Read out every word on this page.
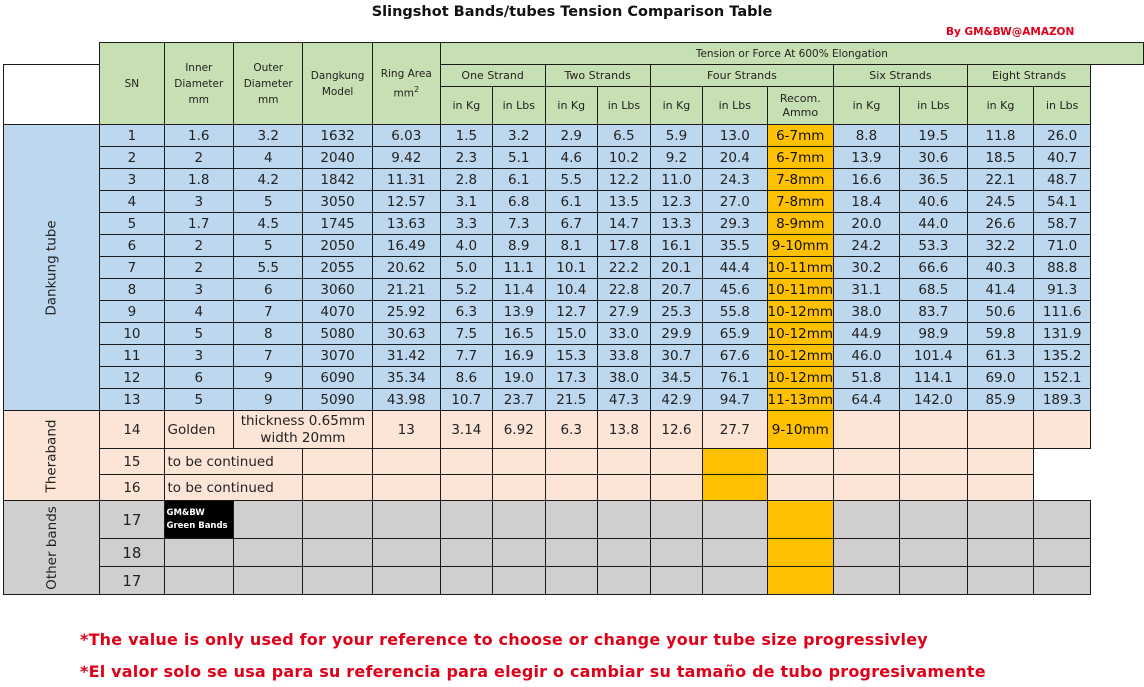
Slingshot Bands/tubes Tension Comparison Table
By GM&BW@AMAZON
	SN	Inner Diameter mm	Outer Diameter mm	Dangkung Model	Ring Area $mm^2$	Tension or Force At 600% Elongation										
						One Strand		Two Strands		Four Strands			Six Strands		Eight Strands	
						in Kg	in Lbs	in Kg	in Lbs	in Kg	in Lbs	Recom. Ammo	in Kg	in Lbs	in Kg	in Lbs
Dankung tube	1	1.6	3.2	1632	6.03	1.5	3.2	2.9	6.5	5.9	13.0	6-7mm	8.8	19.5	11.8	26.0
	2	2	4	2040	9.42	2.3	5.1	4.6	10.2	9.2	20.4	6-7mm	13.9	30.6	18.5	40.7
	3	1.8	4.2	1842	11.31	2.8	6.1	5.5	12.2	11.0	24.3	7-8mm	16.6	36.5	22.1	48.7
	4	3	5	3050	12.57	3.1	6.8	6.1	13.5	12.3	27.0	7-8mm	18.4	40.6	24.5	54.1
	5	1.7	4.5	1745	13.63	3.3	7.3	6.7	14.7	13.3	29.3	8-9mm	20.0	44.0	26.6	58.7
	6	2	5	2050	16.49	4.0	8.9	8.1	17.8	16.1	35.5	9-10mm	24.2	53.3	32.2	71.0
	7	2	5.5	2055	20.62	5.0	11.1	10.1	22.2	20.1	44.4	10-11mm	30.2	66.6	40.3	88.8
	8	3	6	3060	21.21	5.2	11.4	10.4	22.8	20.7	45.6	10-11mm	31.1	68.5	41.4	91.3
	9	4	7	4070	25.92	6.3	13.9	12.7	27.9	25.3	55.8	10-12mm	38.0	83.7	50.6	111.6
	10	5	8	5080	30.63	7.5	16.5	15.0	33.0	29.9	65.9	10-12mm	44.9	98.9	59.8	131.9
	11	3	7	3070	31.42	7.7	16.9	15.3	33.8	30.7	67.6	10-12mm	46.0	101.4	61.3	135.2
	12	6	9	6090	35.34	8.6	19.0	17.3	38.0	34.5	76.1	10-12mm	51.8	114.1	69.0	152.1
	13	5	9	5090	43.98	10.7	23.7	21.5	47.3	42.9	94.7	11-13mm	64.4	142.0	85.9	189.3
Theraband	14	Golden	thickness 0.65mm
width 20mm		13	3.14	6.92	6.3	13.8	12.6	27.7	9-10mm				
	15	to be continued														
	16	to be continued														
Other bands	17	GM&BW
Green Bands														

	18															
	17															
*The value is only used for your reference to choose or change your tube size progressivley
*El valor solo se usa para su referencia para elegir o cambiar su tamaño de tubo progresivamente
